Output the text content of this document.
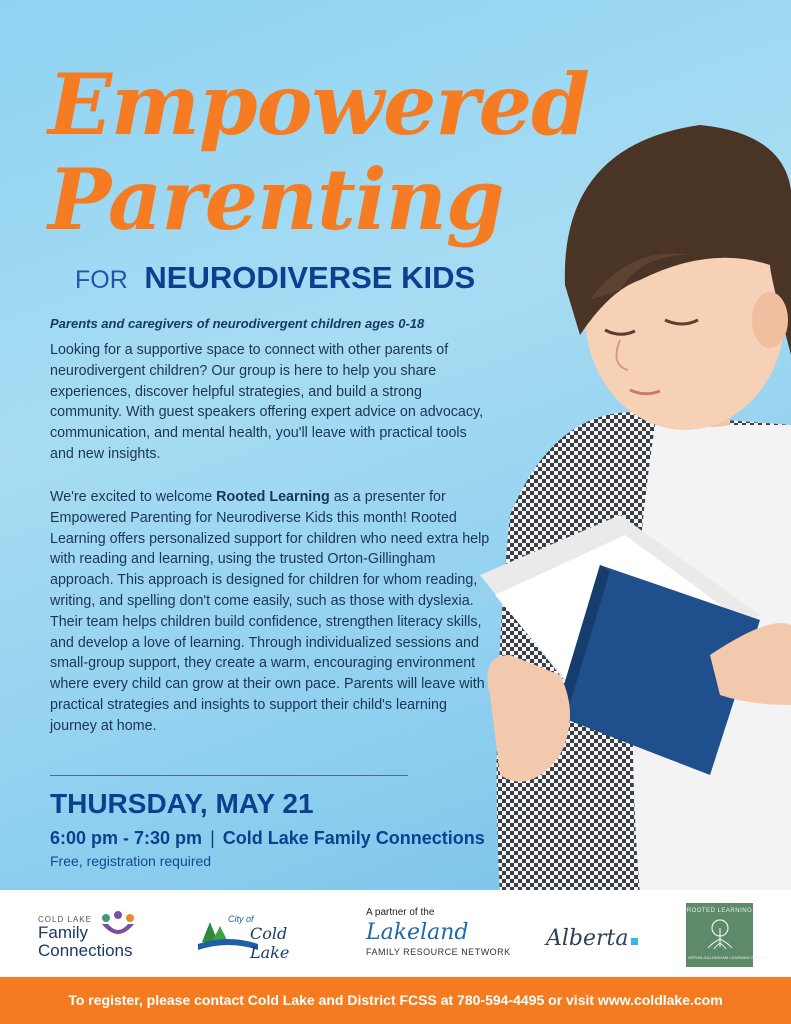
Empowered
Parenting
FOR NEURODIVERSE KIDS
Parents and caregivers of neurodivergent children ages 0-18
Looking for a supportive space to connect with other parents of neurodivergent children? Our group is here to help you share experiences, discover helpful strategies, and build a strong community. With guest speakers offering expert advice on advocacy, communication, and mental health, you'll leave with practical tools and new insights.
We're excited to welcome Rooted Learning as a presenter for Empowered Parenting for Neurodiverse Kids this month! Rooted Learning offers personalized support for children who need extra help with reading and learning, using the trusted Orton-Gillingham approach. This approach is designed for children for whom reading, writing, and spelling don't come easily, such as those with dyslexia. Their team helps children build confidence, strengthen literacy skills, and develop a love of learning. Through individualized sessions and small-group support, they create a warm, encouraging environment where every child can grow at their own pace. Parents will leave with practical strategies and insights to support their child's learning journey at home.
THURSDAY, MAY 21
6:00 pm - 7:30 pm | Cold Lake Family Connections
Free, registration required
COLD LAKE
Family
Connections
City of
Cold Lake
A partner of the
Lakeland
FAMILY RESOURCE NETWORK
Alberta
ROOTED LEARNING
ORTON-GILLINGHAM LEARNING SUPPORT
To register, please contact Cold Lake and District FCSS at 780-594-4495 or visit www.coldlake.com
